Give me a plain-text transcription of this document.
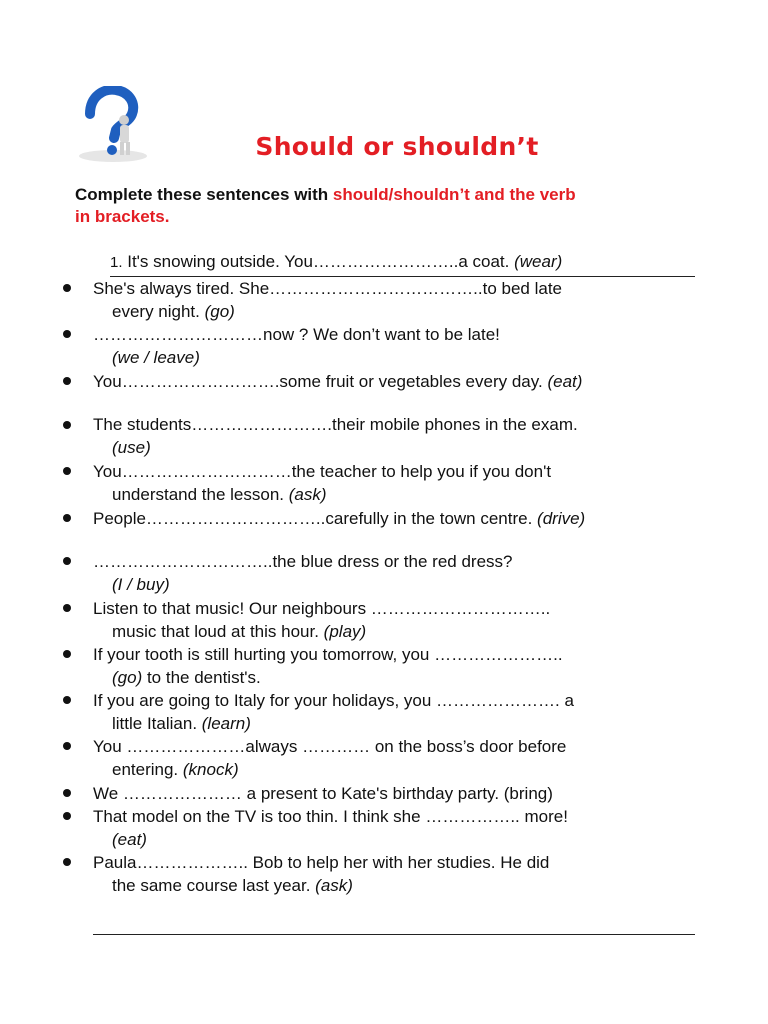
Should or shouldn’t
Complete these sentences with should/shouldn’t and the verb
in brackets.
1. It's snowing outside. You……………………..a coat. (wear)
She's always tired. She………………………………..to bed late
every night. (go)
…………………………now ? We don’t want to be late!
(we / leave)
You……………………….some fruit or vegetables every day. (eat)
The students…………………….their mobile phones in the exam.
(use)
You…………………………the teacher to help you if you don't
understand the lesson. (ask)
People…………………………..carefully in the town centre. (drive)
…………………………..the blue dress or the red dress?
(I / buy)
Listen to that music! Our neighbours …………………………..
music that loud at this hour. (play)
If your tooth is still hurting you tomorrow, you …………………..
(go) to the dentist's.
If you are going to Italy for your holidays, you …………………. a
little Italian. (learn)
You …………………always ………… on the boss’s door before
entering. (knock)
We ………………… a present to Kate's birthday party. (bring)
That model on the TV is too thin. I think she …………….. more!
(eat)
Paula……………….. Bob to help her with her studies. He did
the same course last year. (ask)
